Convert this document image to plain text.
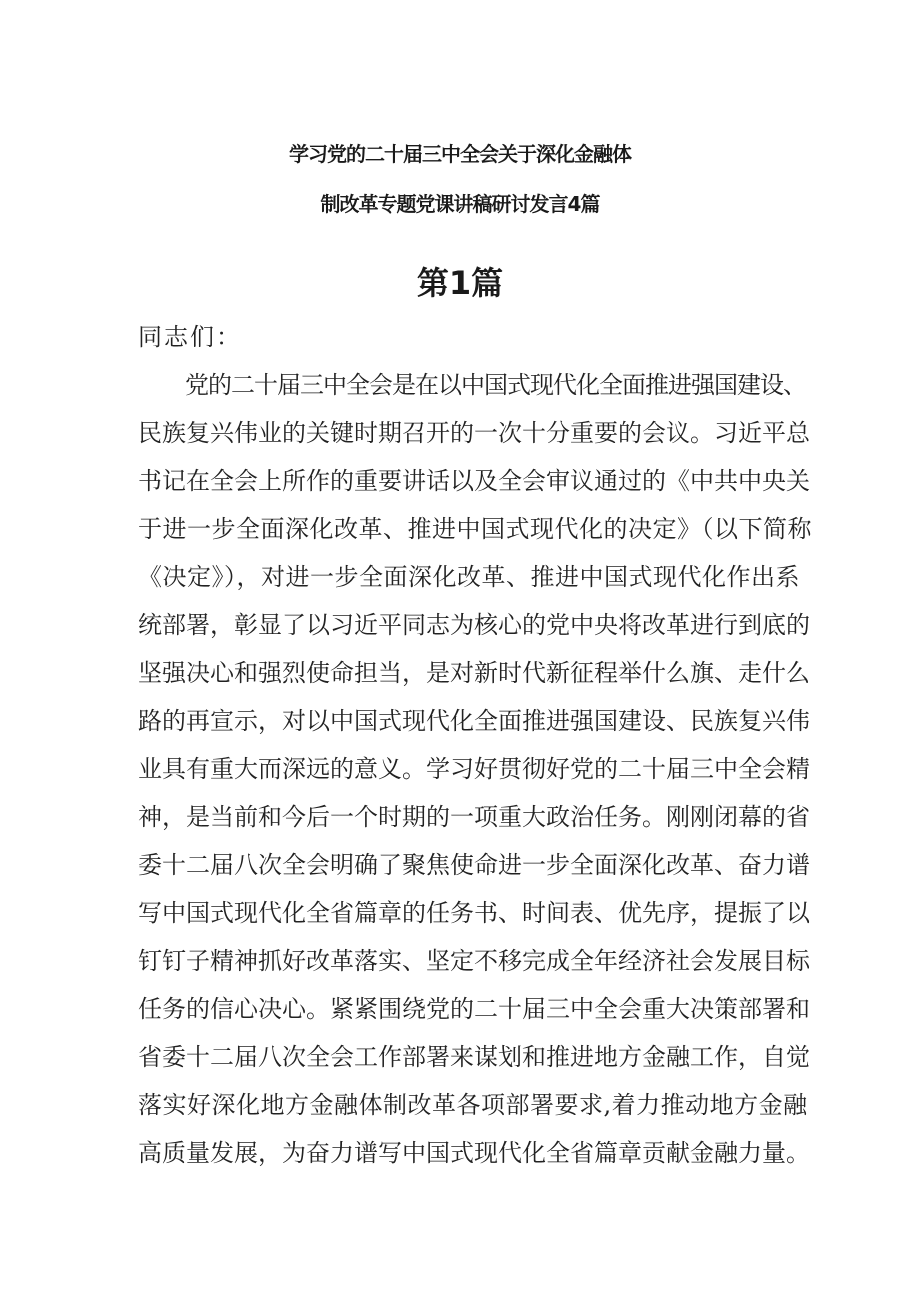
学习党的二十届三中全会关于深化金融体
制改革专题党课讲稿研讨发言4篇
第1篇
同志们：
党的二十届三中全会是在以中国式现代化全面推进强国建设、
民族复兴伟业的关键时期召开的一次十分重要的会议。习近平总
书记在全会上所作的重要讲话以及全会审议通过的《中共中央关
于进一步全面深化改革、推进中国式现代化的决定》（以下简称
《决定》），对进一步全面深化改革、推进中国式现代化作出系
统部署，彰显了以习近平同志为核心的党中央将改革进行到底的
坚强决心和强烈使命担当，是对新时代新征程举什么旗、走什么
路的再宣示，对以中国式现代化全面推进强国建设、民族复兴伟
业具有重大而深远的意义。学习好贯彻好党的二十届三中全会精
神，是当前和今后一个时期的一项重大政治任务。刚刚闭幕的省
委十二届八次全会明确了聚焦使命进一步全面深化改革、奋力谱
写中国式现代化全省篇章的任务书、时间表、优先序，提振了以
钉钉子精神抓好改革落实、坚定不移完成全年经济社会发展目标
任务的信心决心。紧紧围绕党的二十届三中全会重大决策部署和
省委十二届八次全会工作部署来谋划和推进地方金融工作，自觉
落实好深化地方金融体制改革各项部署要求,着力推动地方金融
高质量发展，为奋力谱写中国式现代化全省篇章贡献金融力量。
